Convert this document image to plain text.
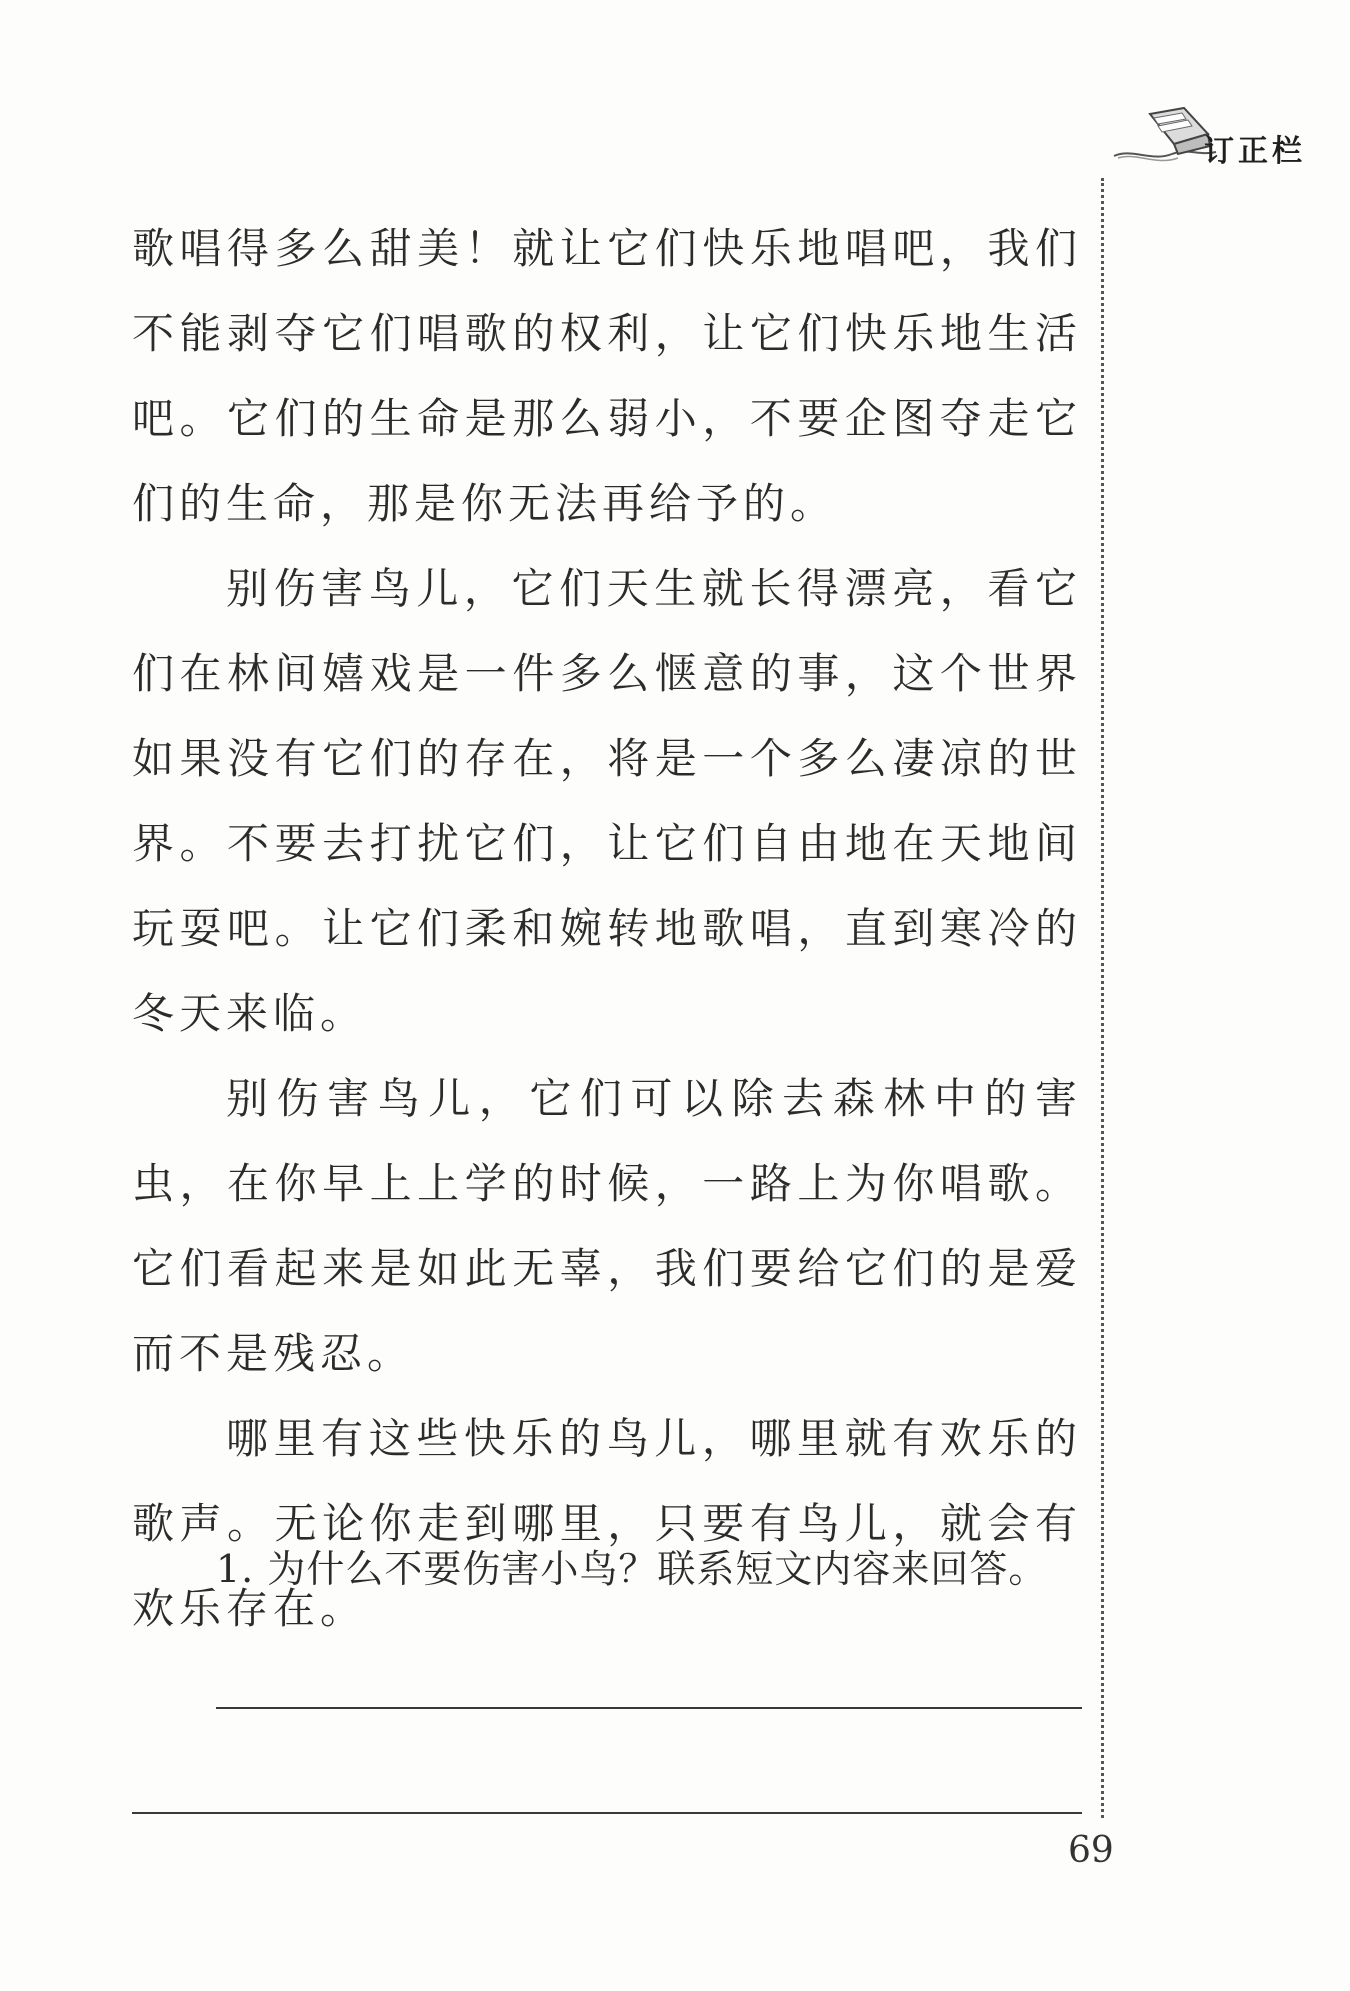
订正栏

歌唱得多么甜美！就让它们快乐地唱吧，我们不能剥夺它们唱歌的权利，让它们快乐地生活吧。它们的生命是那么弱小，不要企图夺走它们的生命，那是你无法再给予的。

别伤害鸟儿，它们天生就长得漂亮，看它们在林间嬉戏是一件多么惬意的事，这个世界如果没有它们的存在，将是一个多么凄凉的世界。不要去打扰它们，让它们自由地在天地间玩耍吧。让它们柔和婉转地歌唱，直到寒冷的冬天来临。

别伤害鸟儿，它们可以除去森林中的害虫，在你早上上学的时候，一路上为你唱歌。它们看起来是如此无辜，我们要给它们的是爱而不是残忍。

哪里有这些快乐的鸟儿，哪里就有欢乐的歌声。无论你走到哪里，只要有鸟儿，就会有欢乐存在。

1. 为什么不要伤害小鸟？联系短文内容来回答。
69
